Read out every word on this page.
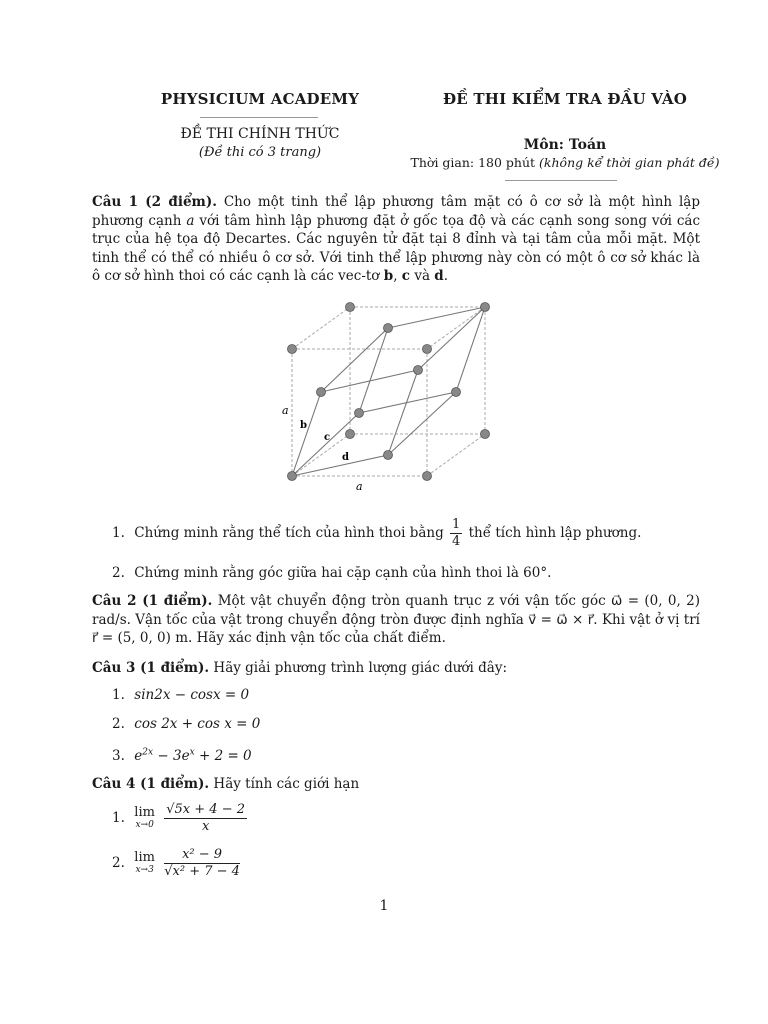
PHYSICIUM ACADEMY	ĐỀ THI KIỂM TRA ĐẦU VÀO
ĐỀ THI CHÍNH THỨC
(Đề thi có 3 trang)	Môn: Toán
Thời gian: 180 phút (không kể thời gian phát đề)
Câu 1 (2 điểm). Cho một tinh thể lập phương tâm mặt có ô cơ sở là một hình lập phương cạnh a với tâm hình lập phương đặt ở gốc tọa độ và các cạnh song song với các trục của hệ tọa độ Decartes. Các nguyên tử đặt tại 8 đỉnh và tại tâm của mỗi mặt. Một tinh thể có thể có nhiều ô cơ sở. Với tinh thể lập phương này còn có một ô cơ sở khác là ô cơ sở hình thoi có các cạnh là các vec-tơ b, c và d.
a
a
b
c
d
1. Chứng minh rằng thể tích của hình thoi bằng $\frac{1}{4}$ thể tích hình lập phương.
2. Chứng minh rằng góc giữa hai cặp cạnh của hình thoi là 60°.
Câu 2 (1 điểm). Một vật chuyển động tròn quanh trục z với vận tốc góc ω⃗ = (0, 0, 2) rad/s. Vận tốc của vật trong chuyển động tròn được định nghĩa v⃗ = ω⃗ × r⃗. Khi vật ở vị trí r⃗ = (5, 0, 0) m. Hãy xác định vận tốc của chất điểm.
Câu 3 (1 điểm). Hãy giải phương trình lượng giác dưới đây:
1. sin2x − cosx = 0
2. cos 2x + cos x = 0
3. $e^{2x} - 3e^x + 2 = 0$
Câu 4 (1 điểm). Hãy tính các giới hạn
1. lim
x→0
$\frac{√5x + 4 - 2}{x}$
2. lim
x→3
$\frac{\text{x² − 9}}{\text{√x² + 7 − 4}}$
1
